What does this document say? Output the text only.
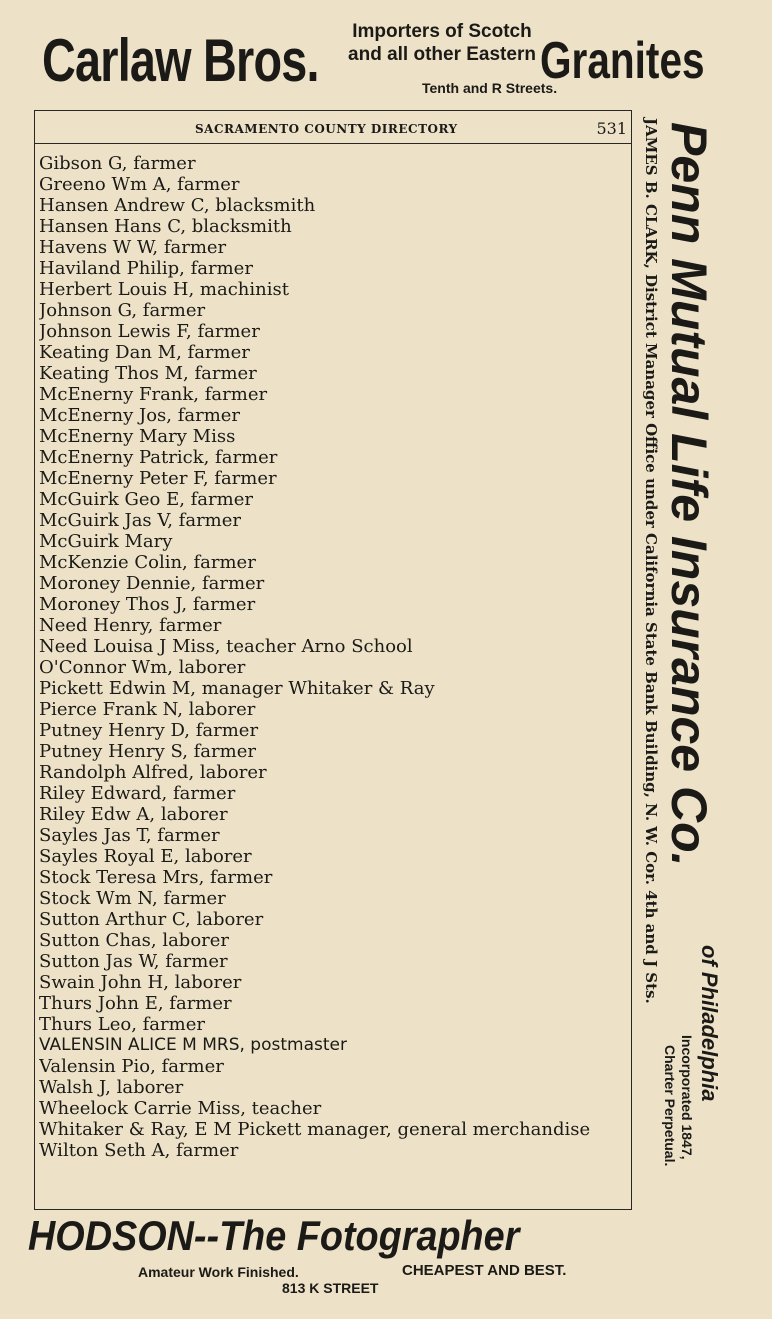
Carlaw Bros.	Importers of Scotch
and all other Eastern Granites
Tenth and R Streets.
SACRAMENTO COUNTY DIRECTORY	531
Gibson G, farmer
Greeno Wm A, farmer
Hansen Andrew C, blacksmith
Hansen Hans C, blacksmith
Havens W W, farmer
Haviland Philip, farmer
Herbert Louis H, machinist
Johnson G, farmer
Johnson Lewis F, farmer
Keating Dan M, farmer
Keating Thos M, farmer
McEnerny Frank, farmer
McEnerny Jos, farmer
McEnerny Mary Miss
McEnerny Patrick, farmer
McEnerny Peter F, farmer
McGuirk Geo E, farmer
McGuirk Jas V, farmer
McGuirk Mary
McKenzie Colin, farmer
Moroney Dennie, farmer
Moroney Thos J, farmer
Need Henry, farmer
Need Louisa J Miss, teacher Arno School
O'Connor Wm, laborer
Pickett Edwin M, manager Whitaker & Ray
Pierce Frank N, laborer
Putney Henry D, farmer
Putney Henry S, farmer
Randolph Alfred, laborer
Riley Edward, farmer
Riley Edw A, laborer
Sayles Jas T, farmer
Sayles Royal E, laborer
Stock Teresa Mrs, farmer
Stock Wm N, farmer
Sutton Arthur C, laborer
Sutton Chas, laborer
Sutton Jas W, farmer
Swain John H, laborer
Thurs John E, farmer
Thurs Leo, farmer
VALENSIN ALICE M MRS, postmaster
Valensin Pio, farmer
Walsh J, laborer
Wheelock Carrie Miss, teacher
Whitaker & Ray, E M Pickett manager, general merchandise
Wilton Seth A, farmer
JAMES B. CLARK, District Manager Office under California State Bank Building, N. W. Cor. 4th and J Sts. Penn Mutual Life Insurance Co.
of Philadelphia
Incorporated 1847,
Charter Perpetual.
HODSON--The Fotographer
Amateur Work Finished.	CHEAPEST AND BEST.
813 K STREET
